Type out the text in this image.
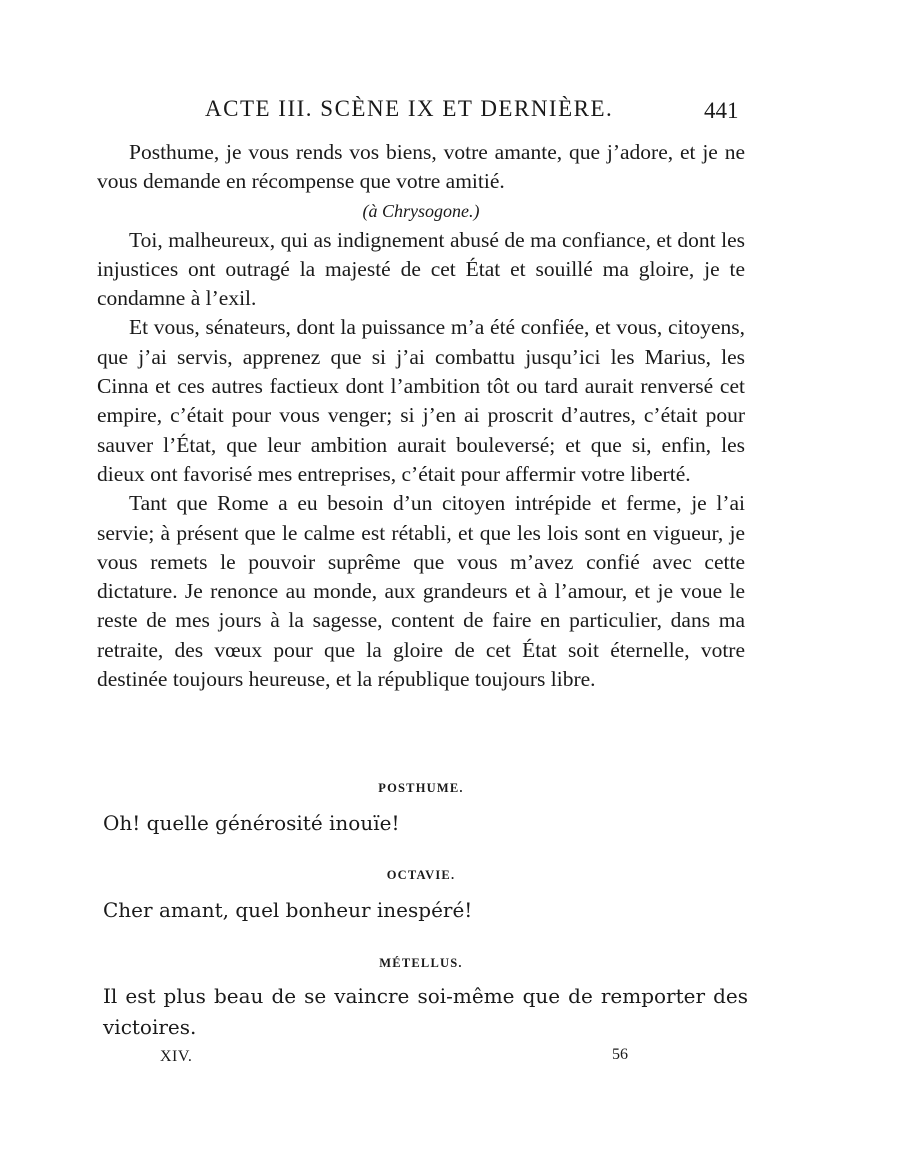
ACTE III. SCÈNE IX ET DERNIÈRE.	441

Posthume, je vous rends vos biens, votre amante, que j’adore, et je ne vous demande en récompense que votre amitié.

(à Chrysogone.)

Toi, malheureux, qui as indignement abusé de ma confiance, et dont les injustices ont outragé la majesté de cet État et souillé ma gloire, je te condamne à l’exil.

Et vous, sénateurs, dont la puissance m’a été confiée, et vous, citoyens, que j’ai servis, apprenez que si j’ai combattu jusqu’ici les Marius, les Cinna et ces autres factieux dont l’ambition tôt ou tard aurait renversé cet empire, c’était pour vous venger; si j’en ai proscrit d’autres, c’était pour sauver l’État, que leur ambition aurait bouleversé; et que si, enfin, les dieux ont favorisé mes entreprises, c’était pour affermir votre liberté.

Tant que Rome a eu besoin d’un citoyen intrépide et ferme, je l’ai servie; à présent que le calme est rétabli, et que les lois sont en vigueur, je vous remets le pouvoir suprême que vous m’avez confié avec cette dictature. Je renonce au monde, aux grandeurs et à l’amour, et je voue le reste de mes jours à la sagesse, content de faire en particulier, dans ma retraite, des vœux pour que la gloire de cet État soit éternelle, votre destinée toujours heureuse, et la république toujours libre.

POSTHUME.
Oh! quelle générosité inouïe!
OCTAVIE.
Cher amant, quel bonheur inespéré!
MÉTELLUS.
Il est plus beau de se vaincre soi-même que de remporter des victoires.
XIV.	56
